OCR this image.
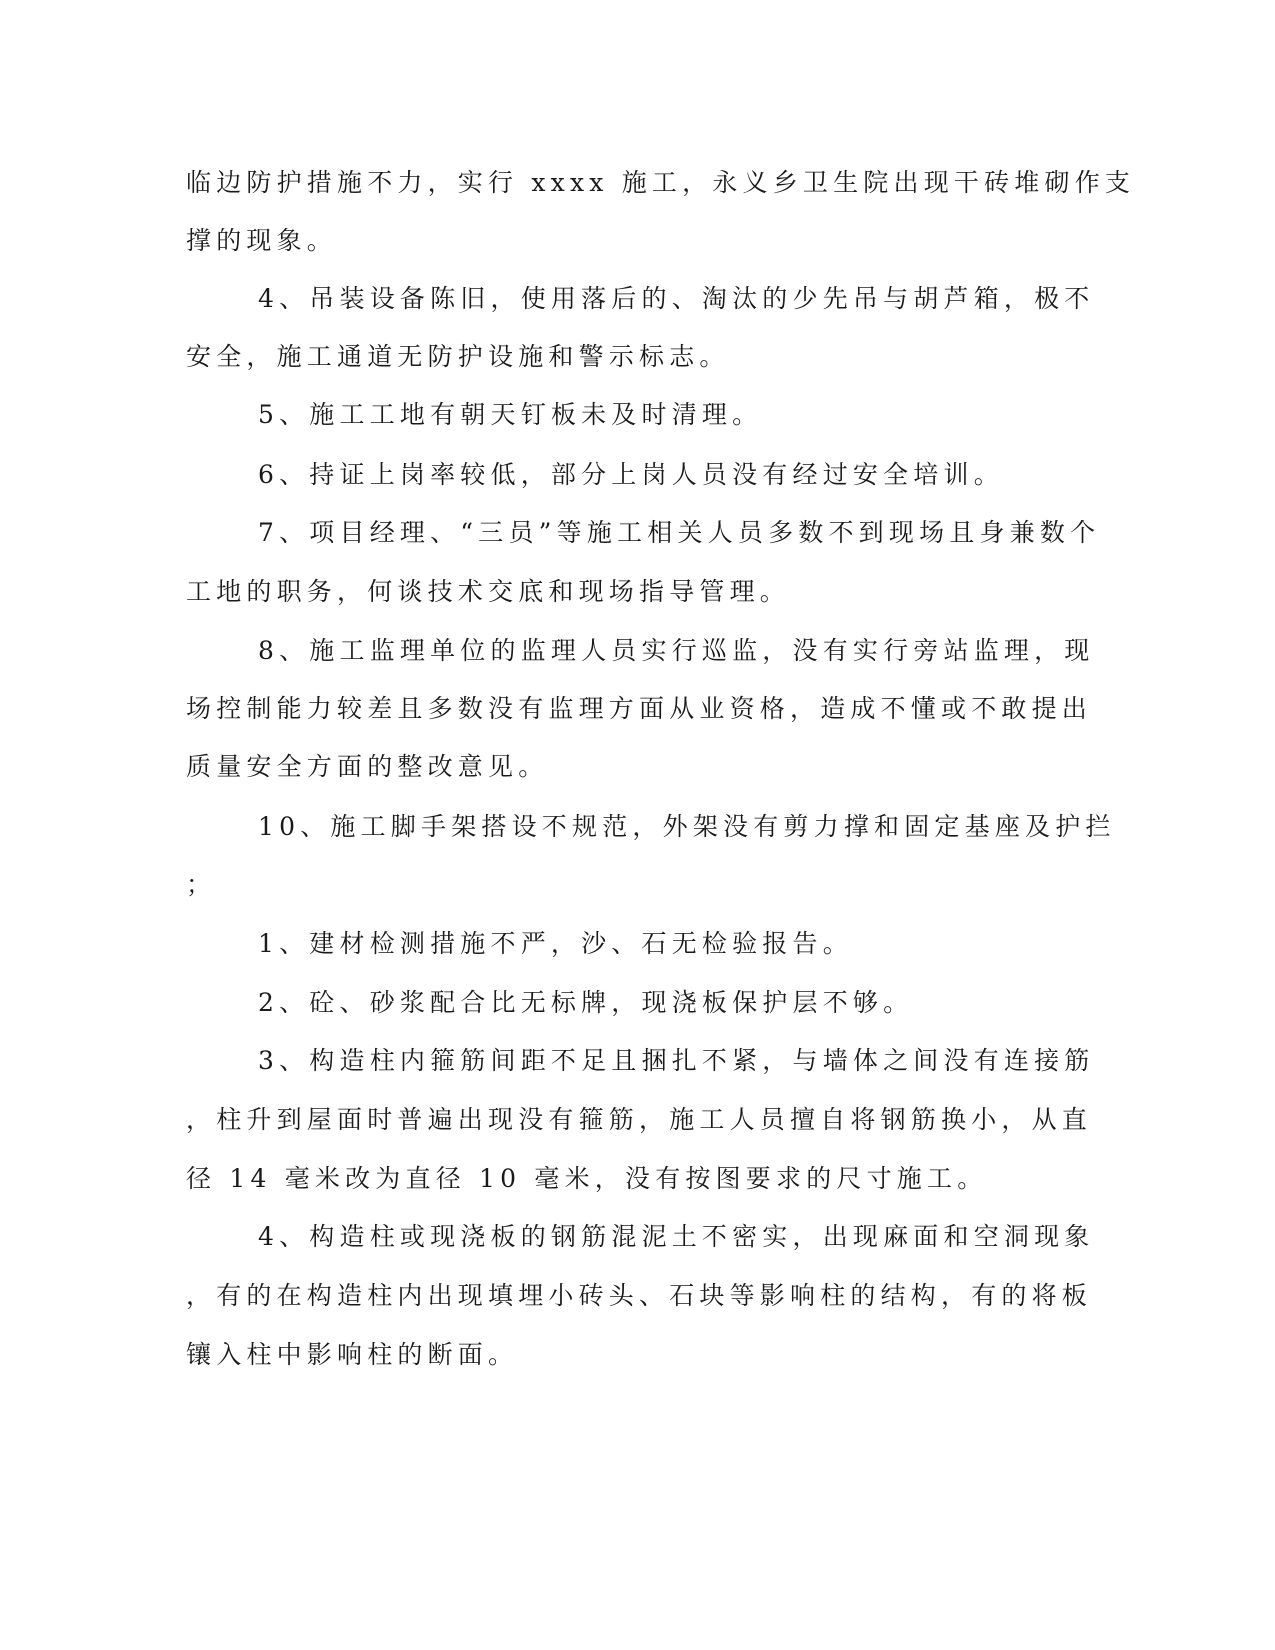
临边防护措施不力，实行 xxxx 施工，永义乡卫生院出现干砖堆砌作支
撑的现象。
4、吊装设备陈旧，使用落后的、淘汰的少先吊与胡芦箱，极不
安全，施工通道无防护设施和警示标志。
5、施工工地有朝天钉板未及时清理。
6、持证上岗率较低，部分上岗人员没有经过安全培训。
7、项目经理、“三员”等施工相关人员多数不到现场且身兼数个
工地的职务，何谈技术交底和现场指导管理。
8、施工监理单位的监理人员实行巡监，没有实行旁站监理，现
场控制能力较差且多数没有监理方面从业资格，造成不懂或不敢提出
质量安全方面的整改意见。
10、施工脚手架搭设不规范，外架没有剪力撑和固定基座及护拦
；
1、建材检测措施不严，沙、石无检验报告。
2、砼、砂浆配合比无标牌，现浇板保护层不够。
3、构造柱内箍筋间距不足且捆扎不紧，与墙体之间没有连接筋
，柱升到屋面时普遍出现没有箍筋，施工人员擅自将钢筋换小，从直
径 14 毫米改为直径 10 毫米，没有按图要求的尺寸施工。
4、构造柱或现浇板的钢筋混泥土不密实，出现麻面和空洞现象
，有的在构造柱内出现填埋小砖头、石块等影响柱的结构，有的将板
镶入柱中影响柱的断面。
